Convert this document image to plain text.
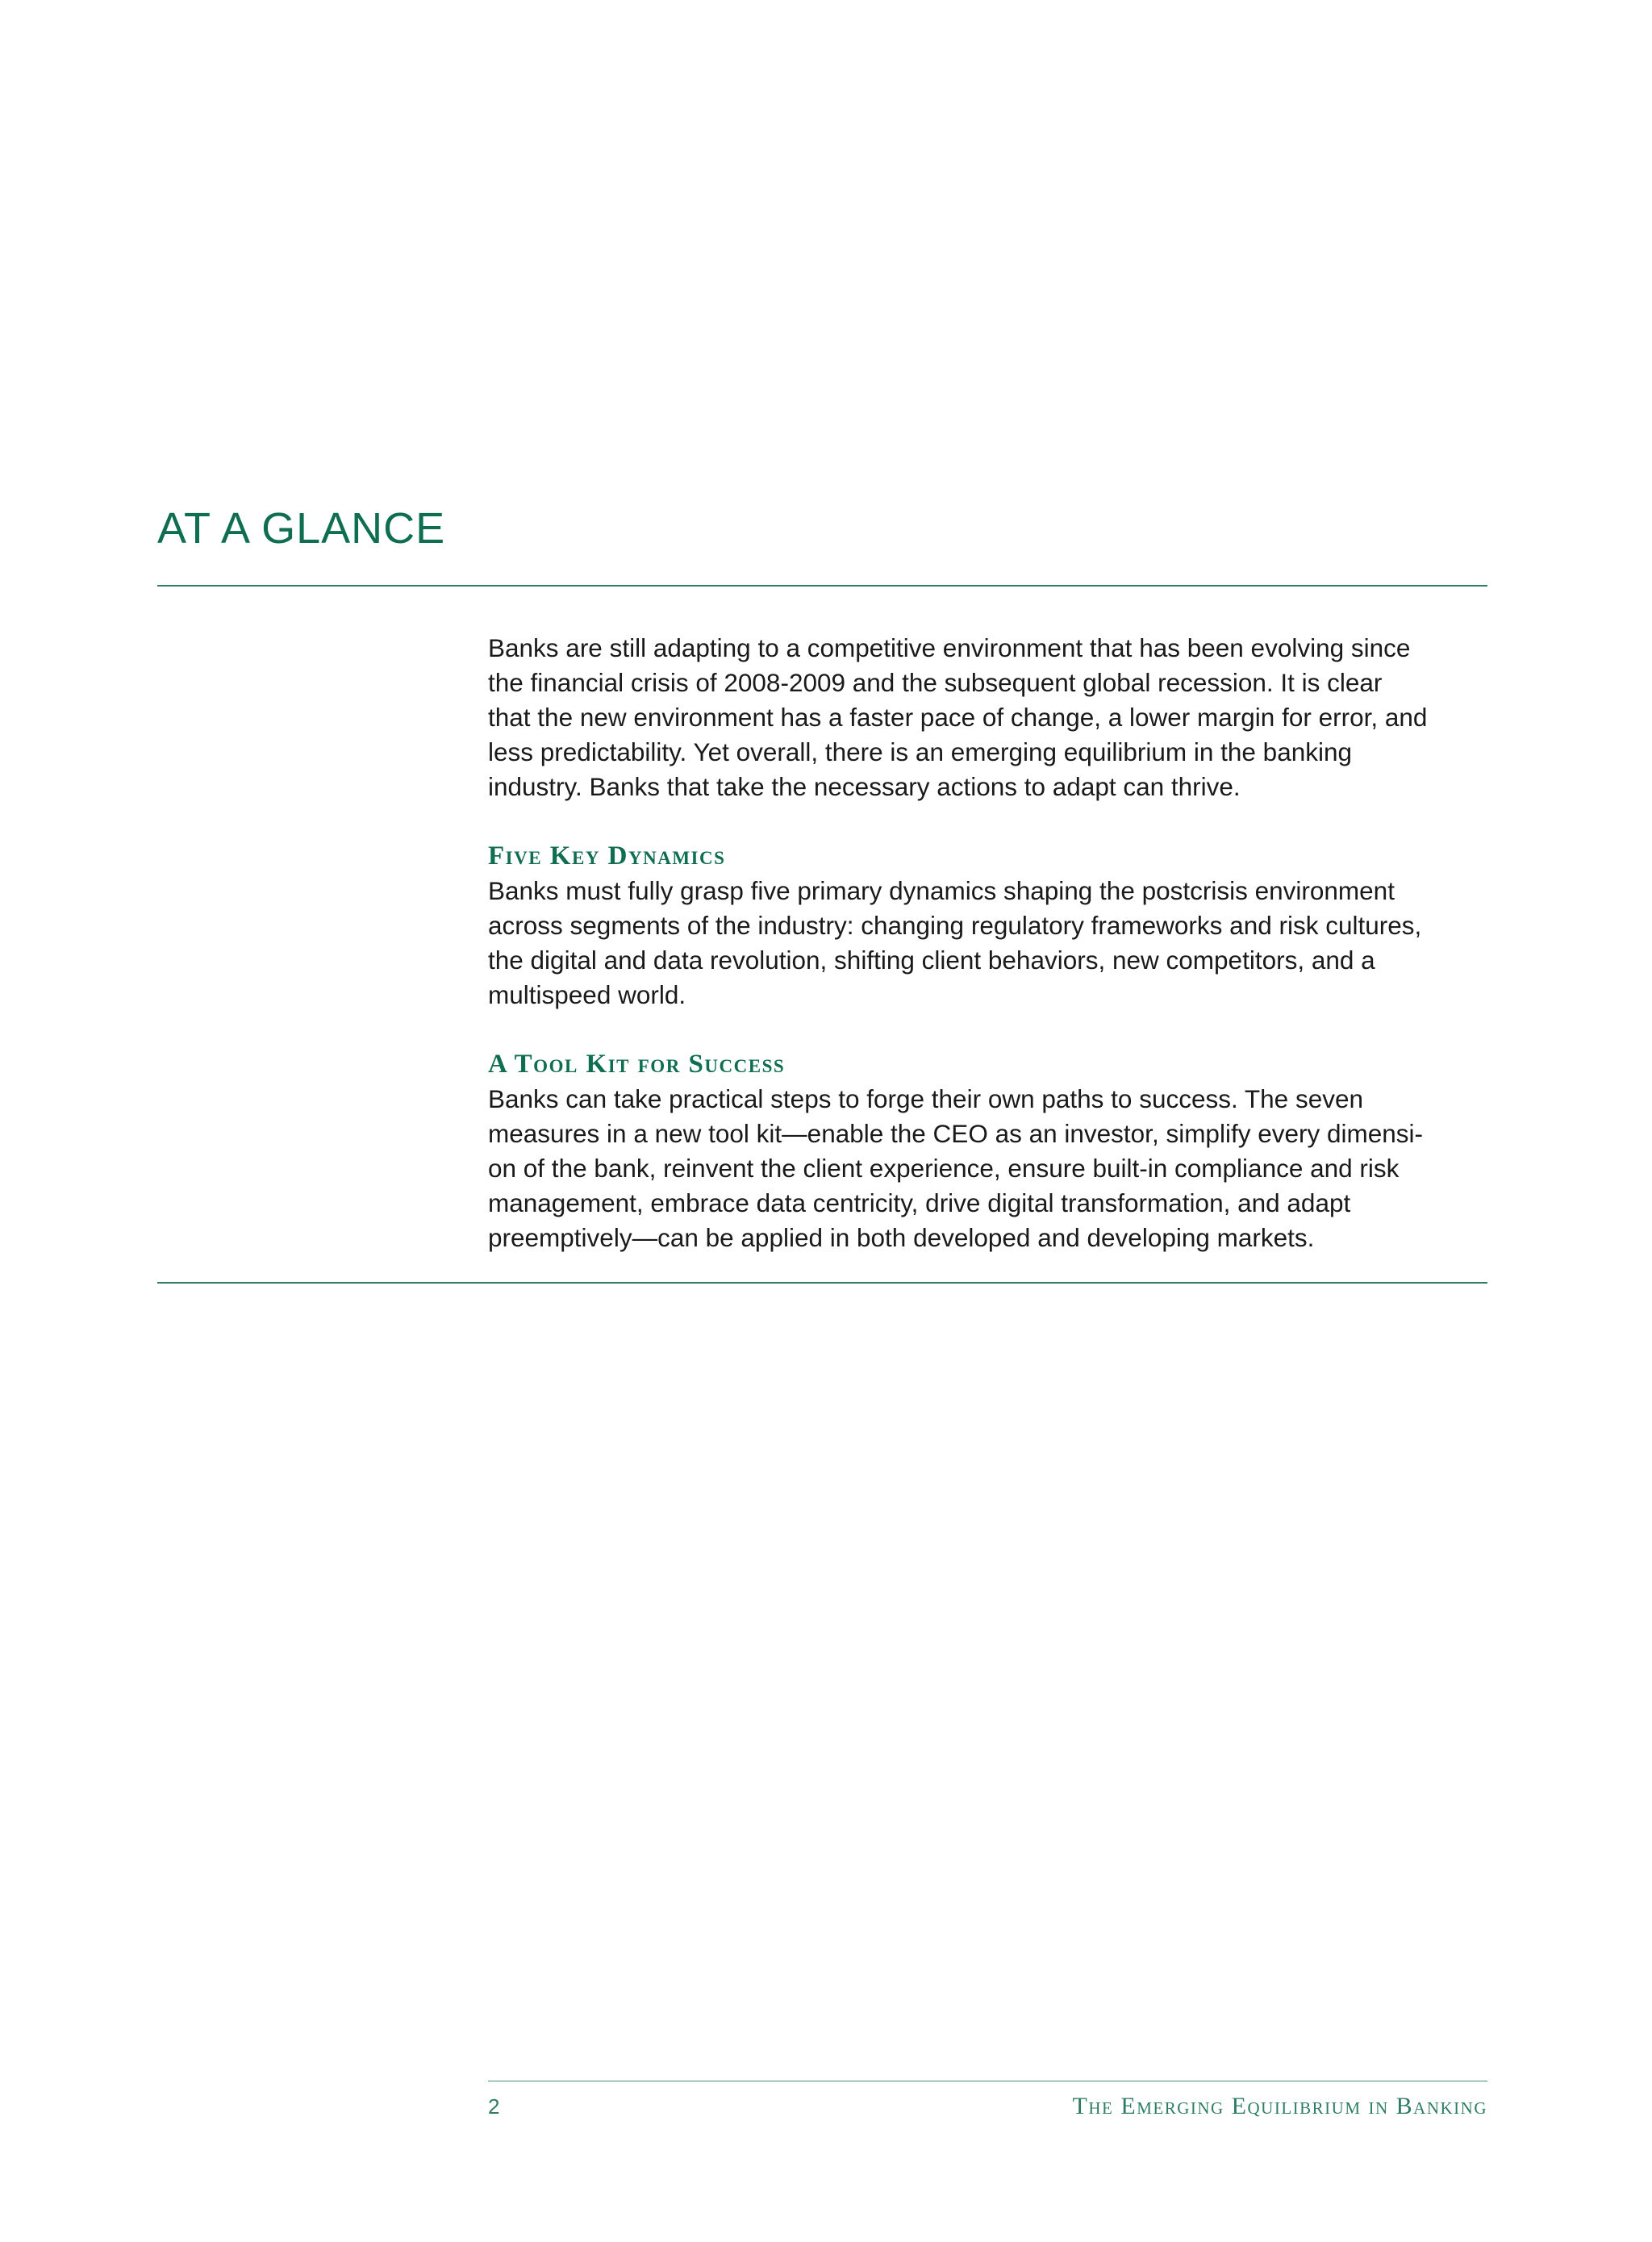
AT A GLANCE

Banks are still adapting to a competitive environment that has been evolving since
the financial crisis of 2008-2009 and the subsequent global recession. It is clear
that the new environment has a faster pace of change, a lower margin for error, and
less predictability. Yet overall, there is an emerging equilibrium in the banking
industry. Banks that take the necessary actions to adapt can thrive.

Five Key Dynamics

Banks must fully grasp five primary dynamics shaping the postcrisis environment
across segments of the industry: changing regulatory frameworks and risk cultures,
the digital and data revolution, shifting client behaviors, new competitors, and a
multispeed world.

A Tool Kit for Success

Banks can take practical steps to forge their own paths to success. The seven
measures in a new tool kit—enable the CEO as an investor, simplify every dimensi-
on of the bank, reinvent the client experience, ensure built-in compliance and risk
management, embrace data centricity, drive digital transformation, and adapt
preemptively—can be applied in both developed and developing markets.

2	The Emerging Equilibrium in Banking
